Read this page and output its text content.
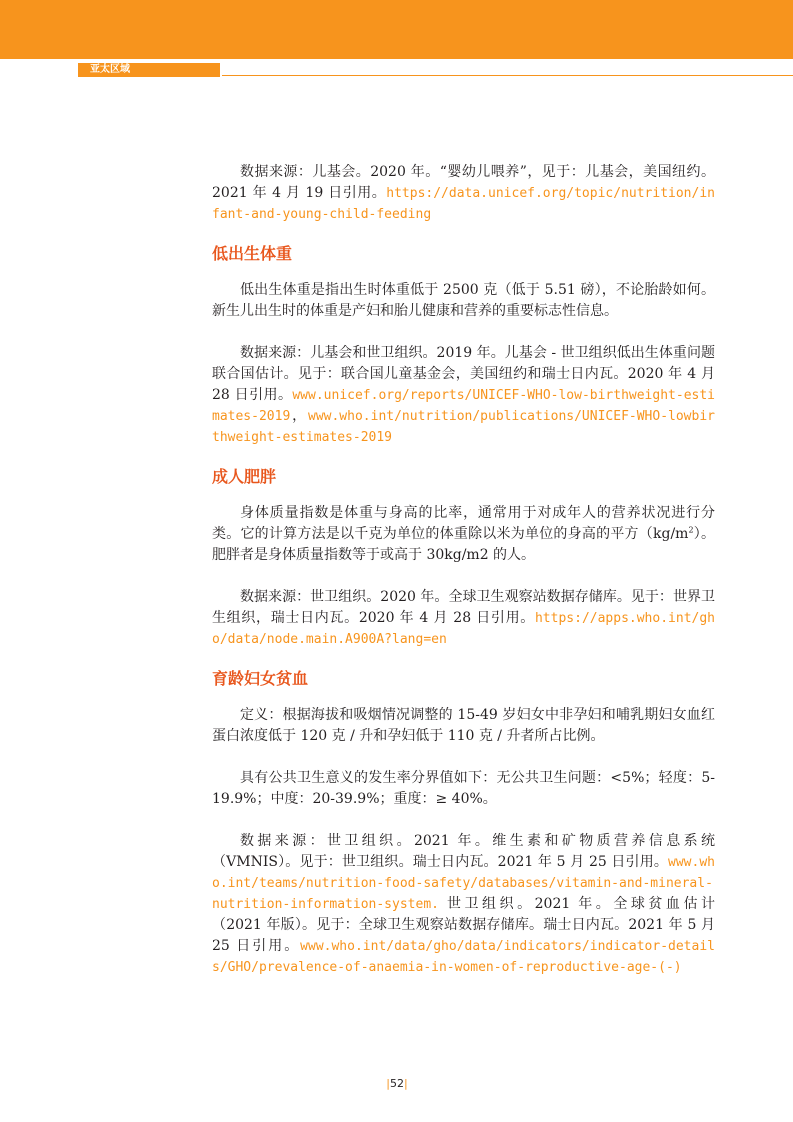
亚太区域

数据来源：儿基会。2020 年。“婴幼儿喂养”，见于：儿基会，美国纽约。2021 年 4 月 19 日引用。https://data.unicef.org/topic/nutrition/infant-and-young-child-feeding

低出生体重

低出生体重是指出生时体重低于 2500 克（低于 5.51 磅），不论胎龄如何。新生儿出生时的体重是产妇和胎儿健康和营养的重要标志性信息。

数据来源：儿基会和世卫组织。2019 年。儿基会 - 世卫组织低出生体重问题联合国估计。见于：联合国儿童基金会，美国纽约和瑞士日内瓦。2020 年 4 月 28 日引用。www.unicef.org/reports/UNICEF-WHO-low-birthweight-estimates-2019，www.who.int/nutrition/publications/UNICEF-WHO-lowbirthweight-estimates-2019

成人肥胖

身体质量指数是体重与身高的比率，通常用于对成年人的营养状况进行分类。它的计算方法是以千克为单位的体重除以米为单位的身高的平方$(kg/m^2)$。肥胖者是身体质量指数等于或高于 30kg/m2 的人。

数据来源：世卫组织。2020 年。全球卫生观察站数据存储库。见于：世界卫生组织，瑞士日内瓦。2020 年 4 月 28 日引用。https://apps.who.int/gho/data/node.main.A900A?lang=en

育龄妇女贫血

定义：根据海拔和吸烟情况调整的 15-49 岁妇女中非孕妇和哺乳期妇女血红蛋白浓度低于 120 克 / 升和孕妇低于 110 克 / 升者所占比例。

具有公共卫生意义的发生率分界值如下：无公共卫生问题：<5%；轻度：5-19.9%；中度：20-39.9%；重度：≥ 40%。

数据来源：世卫组织。2021 年。维生素和矿物质营养信息系统（VMNIS）。见于：世卫组织。瑞士日内瓦。2021 年 5 月 25 日引用。www.who.int/teams/nutrition-food-safety/databases/vitamin-and-mineral-nutrition-information-system. 世卫组织。2021 年。全球贫血估计（2021 年版）。见于：全球卫生观察站数据存储库。瑞士日内瓦。2021 年 5 月 25 日引用。www.who.int/data/gho/data/indicators/indicator-details/GHO/prevalence-of-anaemia-in-women-of-reproductive-age-(-)

|52|
